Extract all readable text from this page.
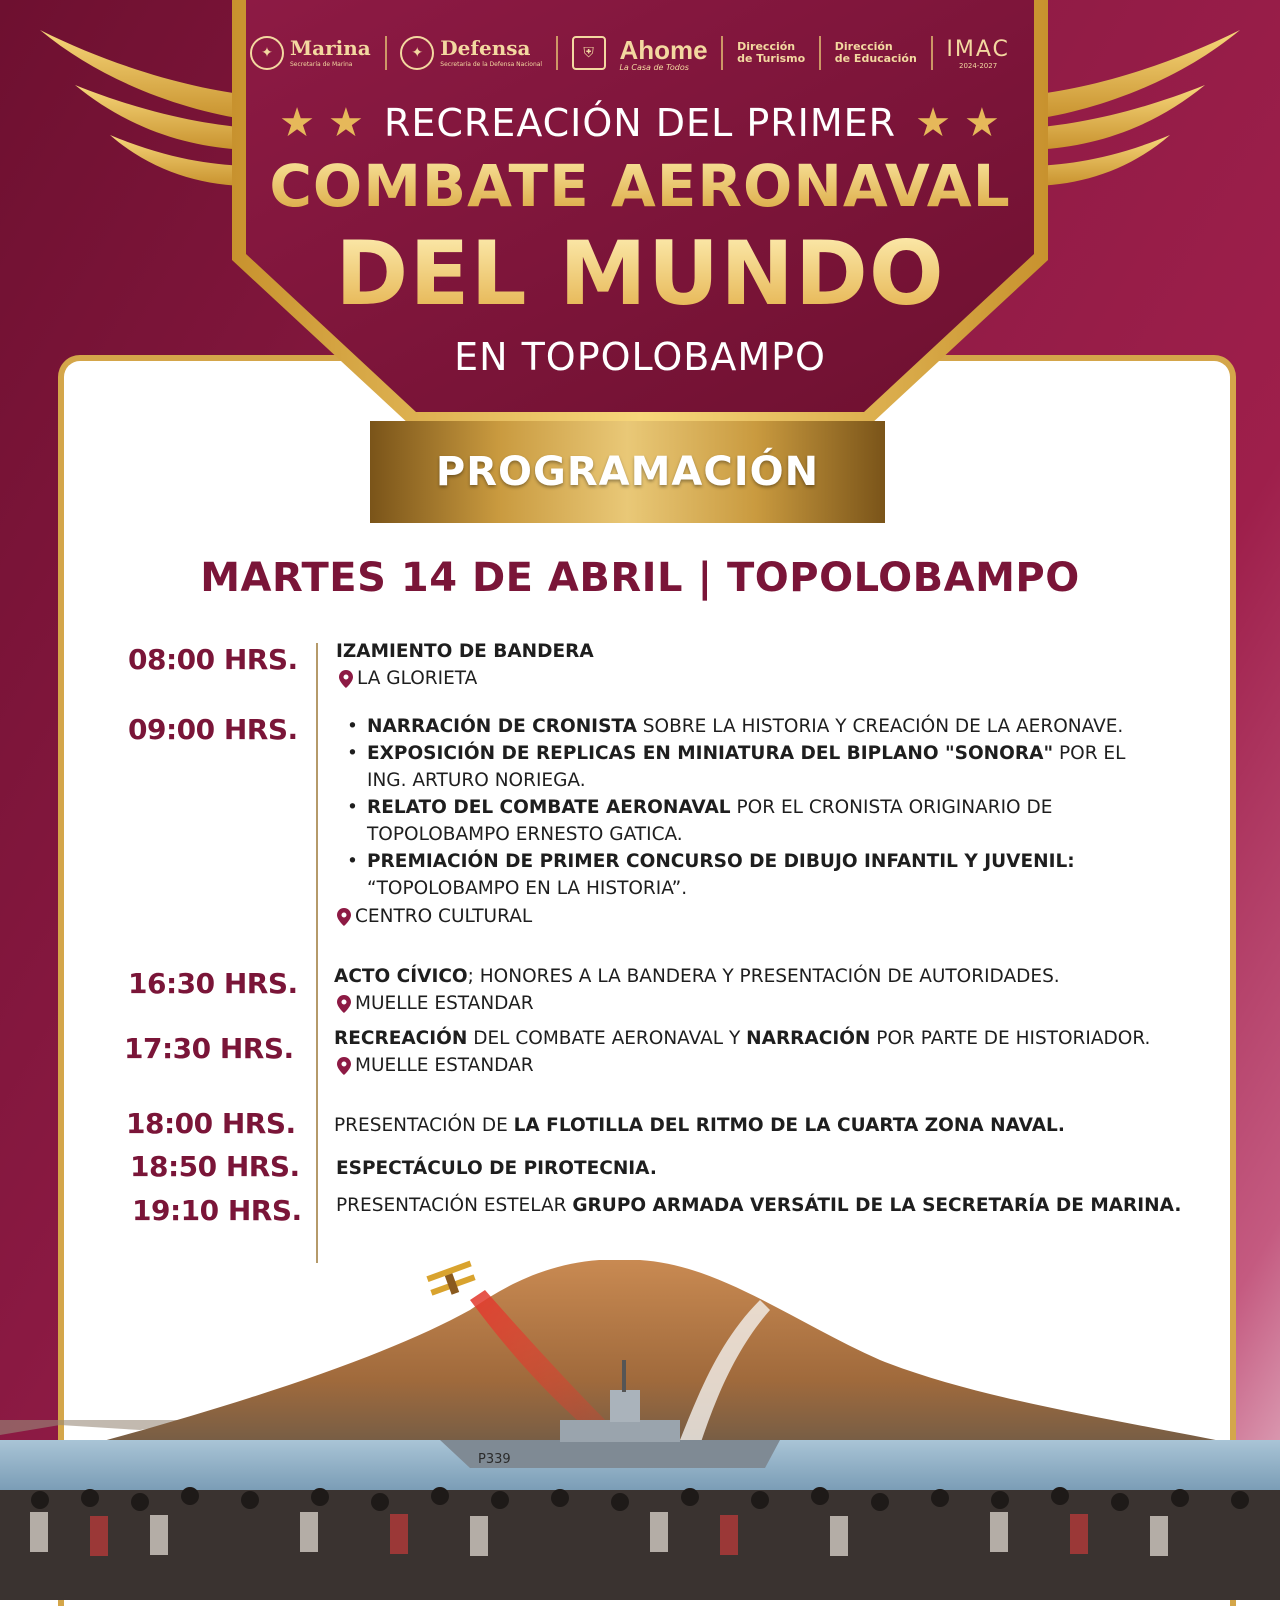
✦ Marina
Secretaría de Marina
✦ Defensa
Secretaría de la Defensa Nacional
⛨ Ahome
La Casa de Todos
Dirección
de Turismo
Dirección
de Educación IMAC
2024-2027
★ ★ RECREACIÓN DEL PRIMER ★ ★
COMBATE AERONAVAL
DEL MUNDO
EN TOPOLOBAMPO
PROGRAMACIÓN
MARTES 14 DE ABRIL | TOPOLOBAMPO
08:00 HRS. IZAMIENTO DE BANDERA
LA GLORIETA
09:00 HRS.
•	NARRACIÓN DE CRONISTA SOBRE LA HISTORIA Y CREACIÓN DE LA AERONAVE.
• EXPOSICIÓN DE REPLICAS EN MINIATURA DEL BIPLANO "SONORA" POR EL ING. ARTURO NORIEGA.
• RELATO DEL COMBATE AERONAVAL POR EL CRONISTA ORIGINARIO DE TOPOLOBAMPO ERNESTO GATICA.
• PREMIACIÓN DE PRIMER CONCURSO DE DIBUJO INFANTIL Y JUVENIL: “TOPOLOBAMPO EN LA HISTORIA”.
CENTRO CULTURAL
16:30 HRS. ACTO CÍVICO; HONORES A LA BANDERA Y PRESENTACIÓN DE AUTORIDADES.
MUELLE ESTANDAR
17:30 HRS. RECREACIÓN DEL COMBATE AERONAVAL Y NARRACIÓN POR PARTE DE HISTORIADOR.
MUELLE ESTANDAR
18:00 HRS. PRESENTACIÓN DE LA FLOTILLA DEL RITMO DE LA CUARTA ZONA NAVAL.
18:50 HRS. ESPECTÁCULO DE PIROTECNIA.
19:10 HRS. PRESENTACIÓN ESTELAR GRUPO ARMADA VERSÁTIL DE LA SECRETARÍA DE MARINA.
P339
